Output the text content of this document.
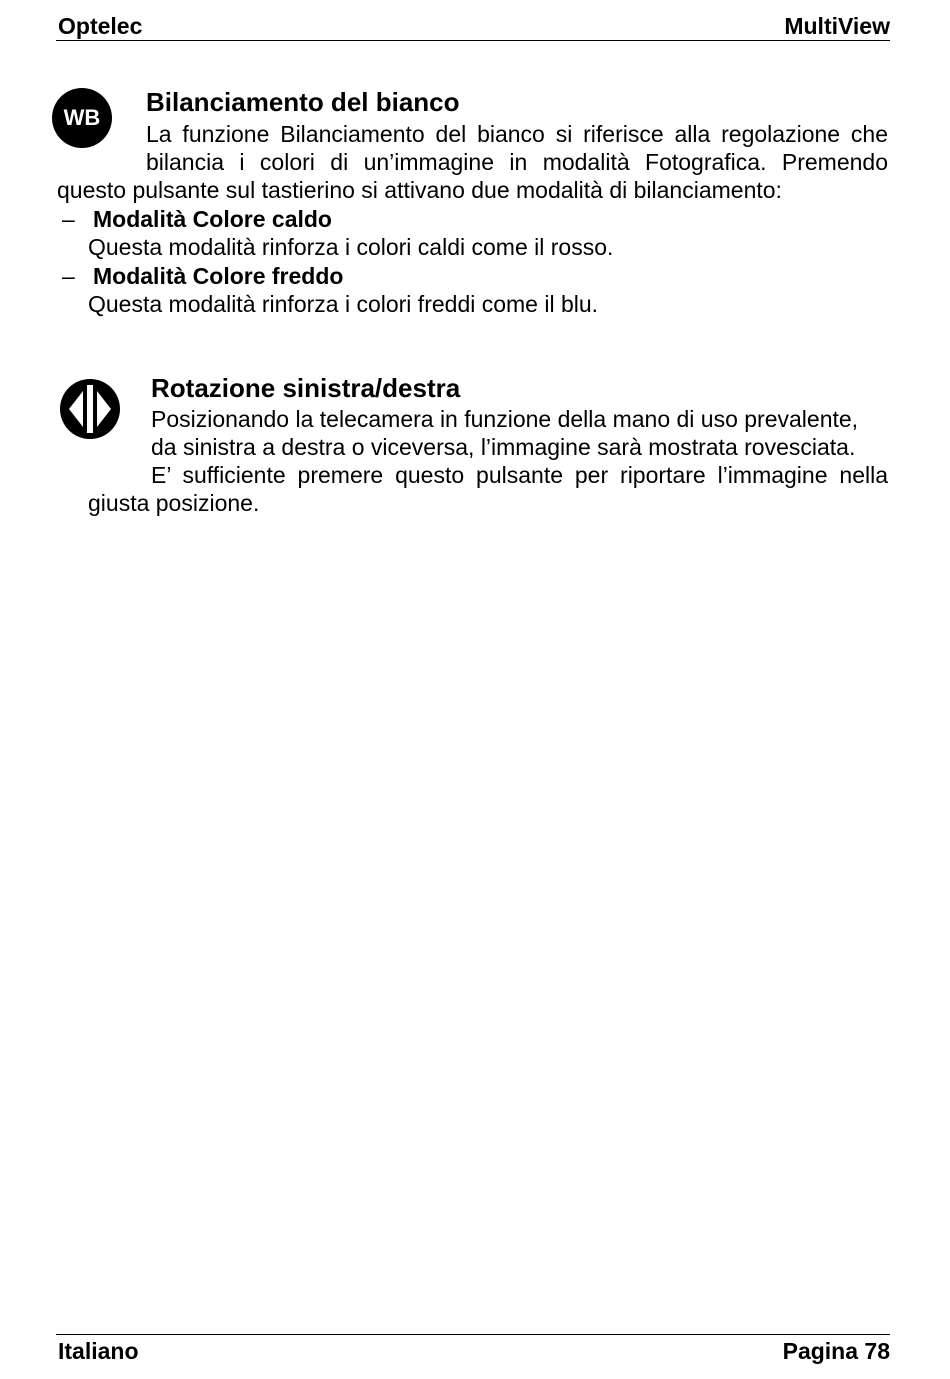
Optelec	MultiView
WB
Bilanciamento del bianco
La funzione Bilanciamento del bianco si riferisce alla regolazione che
bilancia i colori di un’immagine in modalità Fotografica. Premendo
questo pulsante sul tastierino si attivano due modalità di bilanciamento:
– Modalità Colore caldo
Questa modalità rinforza i colori caldi come il rosso.
– Modalità Colore freddo
Questa modalità rinforza i colori freddi come il blu.
Rotazione sinistra/destra
Posizionando la telecamera in funzione della mano di uso prevalente,
da sinistra a destra o viceversa, l’immagine sarà mostrata rovesciata.
E’ sufficiente premere questo pulsante per riportare l’immagine nella
giusta posizione.
Italiano	Pagina 78
